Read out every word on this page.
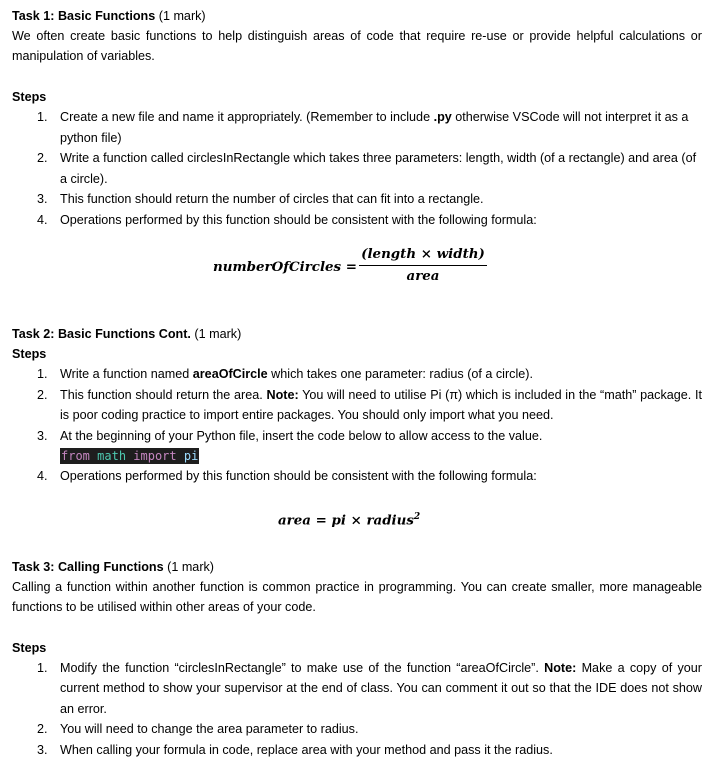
Task 1: Basic Functions (1 mark)

We often create basic functions to help distinguish areas of code that require re-use or provide helpful calculations or manipulation of variables.

Steps
1. Create a new file and name it appropriately. (Remember to include .py otherwise VSCode will not interpret it as a python file)
2. Write a function called circlesInRectangle which takes three parameters: length, width (of a rectangle) and area (of a circle).
3. This function should return the number of circles that can fit into a rectangle.
4. Operations performed by this function should be consistent with the following formula:
numberOfCircles =
(length × width)
area

Task 2: Basic Functions Cont. (1 mark)

Steps
1. Write a function named areaOfCircle which takes one parameter: radius (of a circle).
2. This function should return the area. Note: You will need to utilise Pi (π) which is included in the “math” package. It is poor coding practice to import entire packages. You should only import what you need.
3. At the beginning of your Python file, insert the code below to allow access to the value.
from math import pi
4. Operations performed by this function should be consistent with the following formula:
area = pi × radius$^2$

Task 3: Calling Functions (1 mark)

Calling a function within another function is common practice in programming. You can create smaller, more manageable functions to be utilised within other areas of your code.

Steps
1. Modify the function “circlesInRectangle” to make use of the function “areaOfCircle”. Note: Make a copy of your current method to show your supervisor at the end of class. You can comment it out so that the IDE does not show an error.
2. You will need to change the area parameter to radius.
3. When calling your formula in code, replace area with your method and pass it the radius.
